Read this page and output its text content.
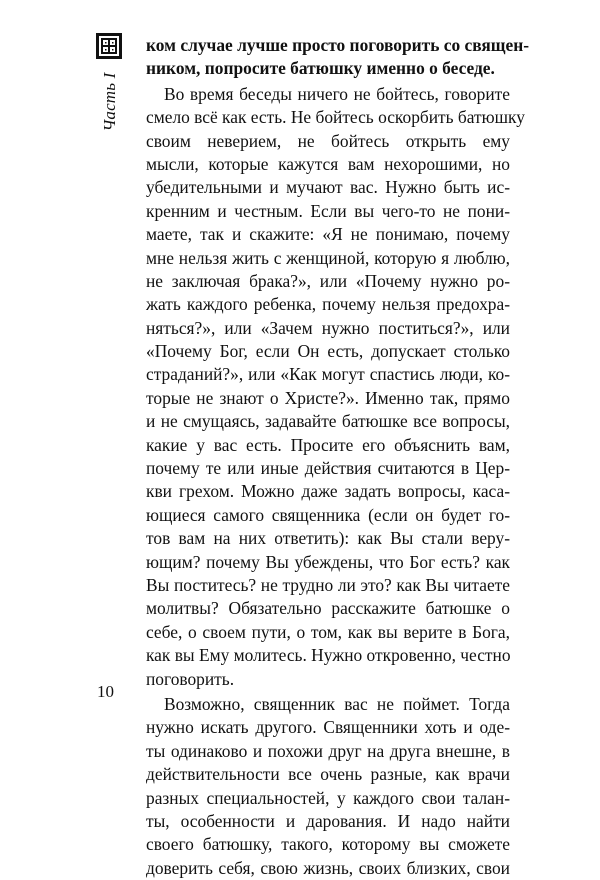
Часть I
ком случае лучше просто поговорить со священ-
ником, попросите батюшку именно о беседе.
Во время беседы ничего не бойтесь, говорите
смело всё как есть. Не бойтесь оскорбить батюшку
своим неверием, не бойтесь открыть ему
мысли, которые кажутся вам нехорошими, но
убедительными и мучают вас. Нужно быть ис-
кренним и честным. Если вы чего-то не пони-
маете, так и скажите: «Я не понимаю, почему
мне нельзя жить с женщиной, которую я люблю,
не заключая брака?», или «Почему нужно ро-
жать каждого ребенка, почему нельзя предохра-
няться?», или «Зачем нужно поститься?», или
«Почему Бог, если Он есть, допускает столько
страданий?», или «Как могут спастись люди, ко-
торые не знают о Христе?». Именно так, прямо
и не смущаясь, задавайте батюшке все вопросы,
какие у вас есть. Просите его объяснить вам,
почему те или иные действия считаются в Цер-
кви грехом. Можно даже задать вопросы, каса-
ющиеся самого священника (если он будет го-
тов вам на них ответить): как Вы стали веру-
ющим? почему Вы убеждены, что Бог есть? как
Вы поститесь? не трудно ли это? как Вы читаете
молитвы? Обязательно расскажите батюшке о
себе, о своем пути, о том, как вы верите в Бога,
как вы Ему молитесь. Нужно откровенно, честно
поговорить.
Возможно, священник вас не поймет. Тогда
нужно искать другого. Священники хоть и оде-
ты одинаково и похожи друг на друга внешне, в
действительности все очень разные, как врачи
разных специальностей, у каждого свои талан-
ты, особенности и дарования. И надо найти
своего батюшку, такого, которому вы сможете
доверить себя, свою жизнь, своих близких, свои
10
